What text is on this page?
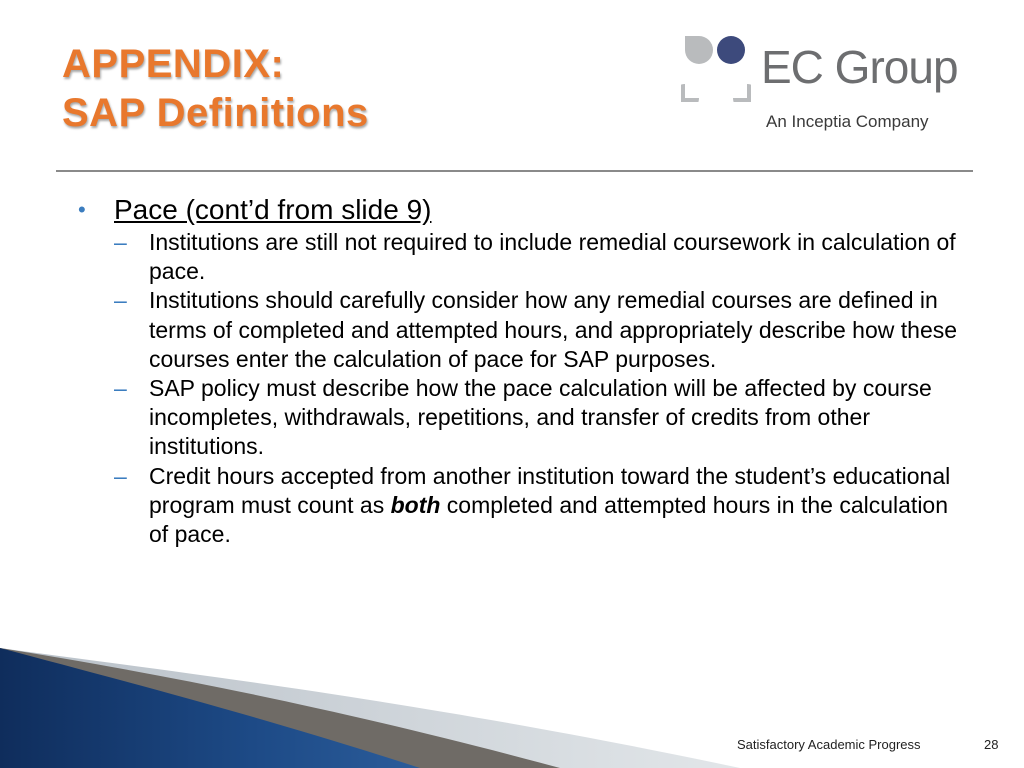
APPENDIX:
SAP Definitions
EC Group
An Inceptia Company
• Pace (cont’d from slide 9)
– Institutions are still not required to include remedial coursework in calculation of pace.
– Institutions should carefully consider how any remedial courses are defined in terms of completed and attempted hours, and appropriately describe how these courses enter the calculation of pace for SAP purposes.
– SAP policy must describe how the pace calculation will be affected by course incompletes, withdrawals, repetitions, and transfer of credits from other institutions.
– Credit hours accepted from another institution toward the student’s educational program must count as both completed and attempted hours in the calculation of pace.
Satisfactory Academic Progress	28
